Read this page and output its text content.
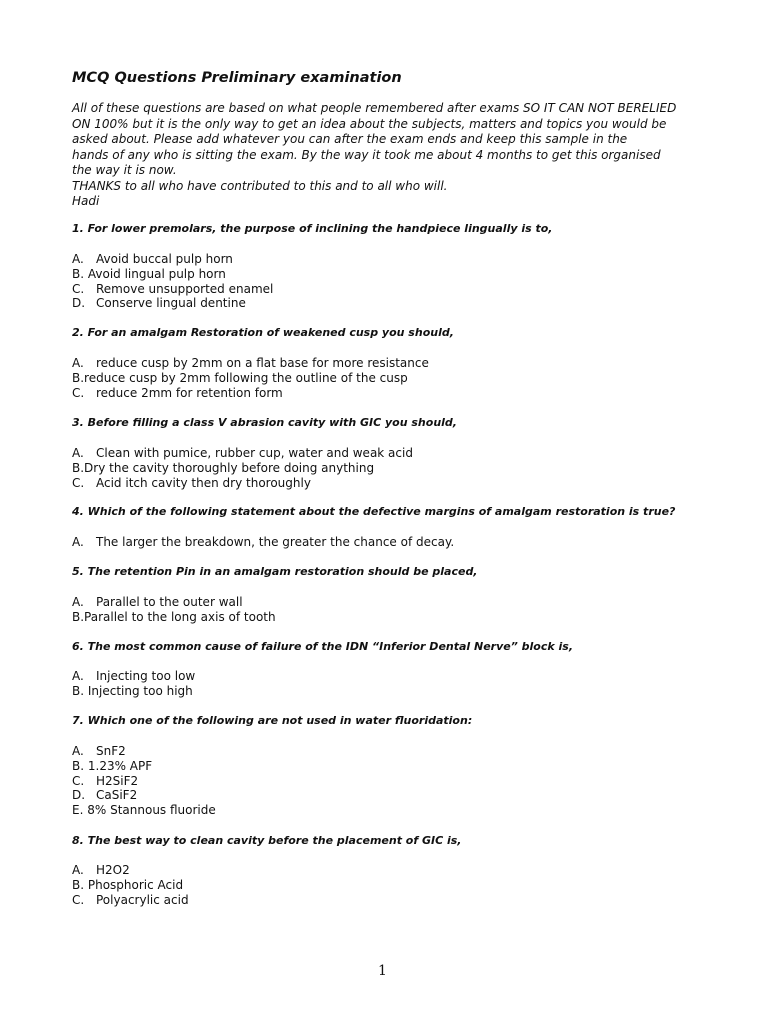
MCQ Questions Preliminary examination
All of these questions are based on what people remembered after exams SO IT CAN NOT BERELIED
ON 100% but it is the only way to get an idea about the subjects, matters and topics you would be
asked about. Please add whatever you can after the exam ends and keep this sample in the
hands of any who is sitting the exam. By the way it took me about 4 months to get this organised
the way it is now.
THANKS to all who have contributed to this and to all who will.
Hadi
1. For lower premolars, the purpose of inclining the handpiece lingually is to,
A. Avoid buccal pulp horn
B. Avoid lingual pulp horn
C. Remove unsupported enamel
D. Conserve lingual dentine
2. For an amalgam Restoration of weakened cusp you should,
A. reduce cusp by 2mm on a flat base for more resistance
B.reduce cusp by 2mm following the outline of the cusp
C. reduce 2mm for retention form
3. Before filling a class V abrasion cavity with GIC you should,
A. Clean with pumice, rubber cup, water and weak acid
B.Dry the cavity thoroughly before doing anything
C. Acid itch cavity then dry thoroughly
4. Which of the following statement about the defective margins of amalgam restoration is true?
A. The larger the breakdown, the greater the chance of decay.
5. The retention Pin in an amalgam restoration should be placed,
A. Parallel to the outer wall
B.Parallel to the long axis of tooth
6. The most common cause of failure of the IDN “Inferior Dental Nerve” block is,
A. Injecting too low
B. Injecting too high
7. Which one of the following are not used in water fluoridation:
A. SnF2
B. 1.23% APF
C. H2SiF2
D. CaSiF2
E. 8% Stannous fluoride
8. The best way to clean cavity before the placement of GIC is,
A. H2O2
B. Phosphoric Acid
C. Polyacrylic acid
1
